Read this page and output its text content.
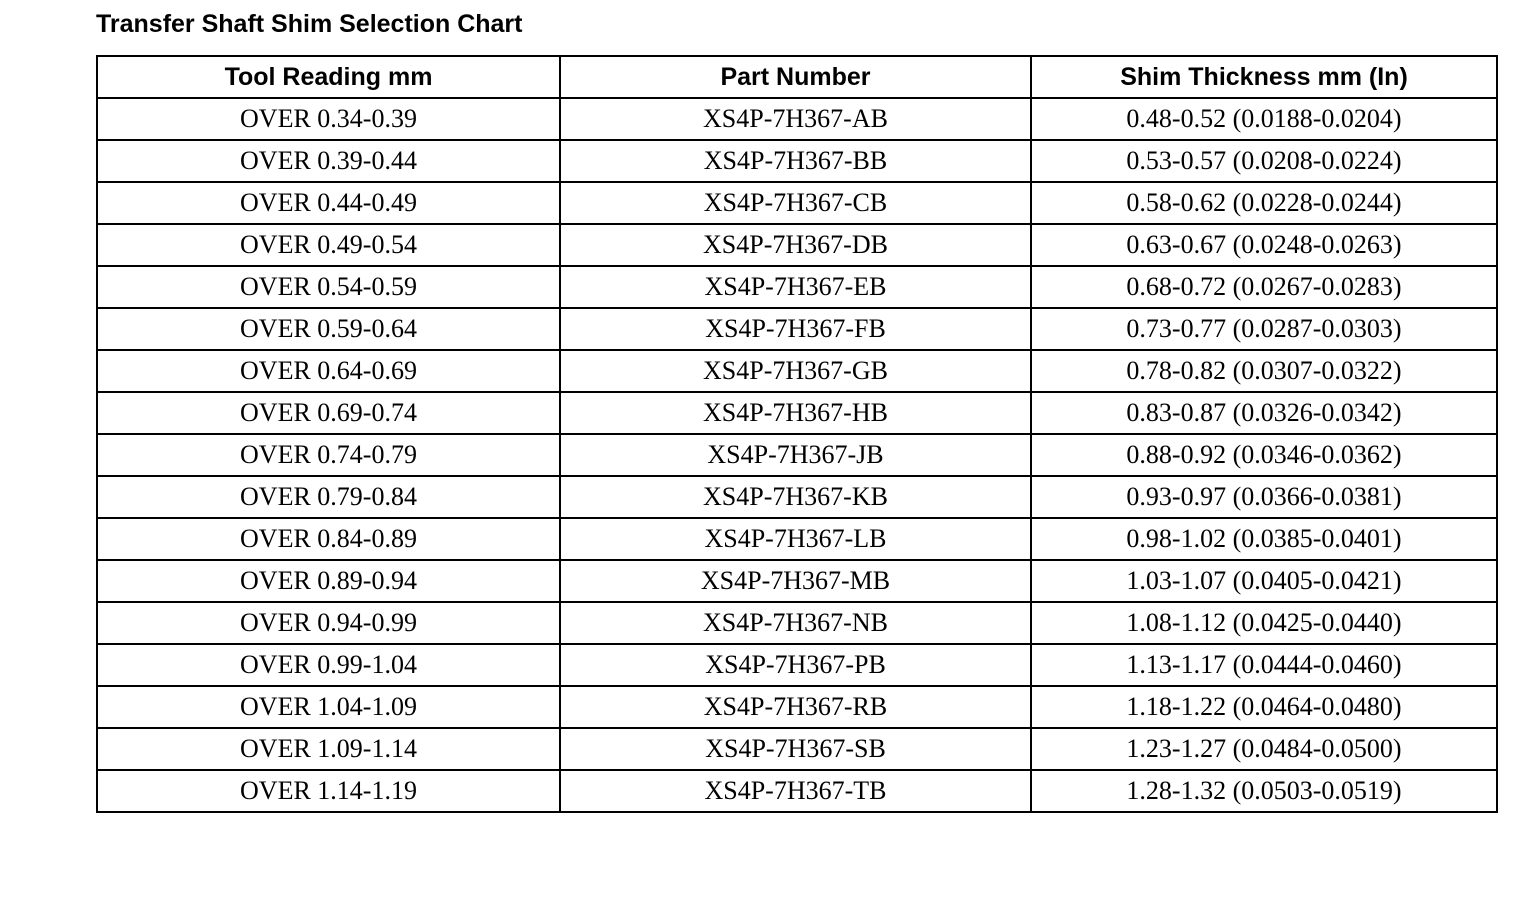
Transfer Shaft Shim Selection Chart
Tool Reading mm	Part Number	Shim Thickness mm (In)
OVER 0.34-0.39	XS4P-7H367-AB	0.48-0.52 (0.0188-0.0204)
OVER 0.39-0.44	XS4P-7H367-BB	0.53-0.57 (0.0208-0.0224)
OVER 0.44-0.49	XS4P-7H367-CB	0.58-0.62 (0.0228-0.0244)
OVER 0.49-0.54	XS4P-7H367-DB	0.63-0.67 (0.0248-0.0263)
OVER 0.54-0.59	XS4P-7H367-EB	0.68-0.72 (0.0267-0.0283)
OVER 0.59-0.64	XS4P-7H367-FB	0.73-0.77 (0.0287-0.0303)
OVER 0.64-0.69	XS4P-7H367-GB	0.78-0.82 (0.0307-0.0322)
OVER 0.69-0.74	XS4P-7H367-HB	0.83-0.87 (0.0326-0.0342)
OVER 0.74-0.79	XS4P-7H367-JB	0.88-0.92 (0.0346-0.0362)
OVER 0.79-0.84	XS4P-7H367-KB	0.93-0.97 (0.0366-0.0381)
OVER 0.84-0.89	XS4P-7H367-LB	0.98-1.02 (0.0385-0.0401)
OVER 0.89-0.94	XS4P-7H367-MB	1.03-1.07 (0.0405-0.0421)
OVER 0.94-0.99	XS4P-7H367-NB	1.08-1.12 (0.0425-0.0440)
OVER 0.99-1.04	XS4P-7H367-PB	1.13-1.17 (0.0444-0.0460)
OVER 1.04-1.09	XS4P-7H367-RB	1.18-1.22 (0.0464-0.0480)
OVER 1.09-1.14	XS4P-7H367-SB	1.23-1.27 (0.0484-0.0500)
OVER 1.14-1.19	XS4P-7H367-TB	1.28-1.32 (0.0503-0.0519)
